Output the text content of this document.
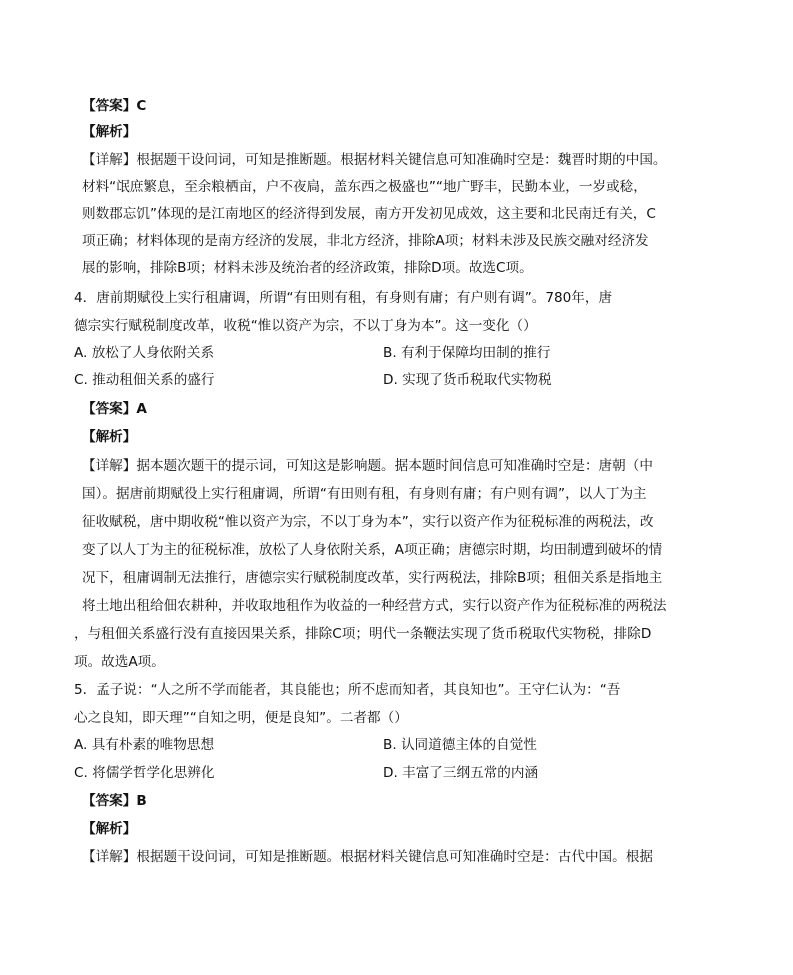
【答案】C
【解析】
【详解】根据题干设问词，可知是推断题。根据材料关键信息可知准确时空是：魏晋时期的中国。
材料“氓庶繁息，至余粮栖亩，户不夜扃，盖东西之极盛也”“地广野丰，民勤本业，一岁或稔，
则数郡忘饥”体现的是江南地区的经济得到发展，南方开发初见成效，这主要和北民南迁有关，C
项正确；材料体现的是南方经济的发展，非北方经济，排除A项；材料未涉及民族交融对经济发
展的影响，排除B项；材料未涉及统治者的经济政策，排除D项。故选C项。
4．唐前期赋役上实行租庸调，所谓“有田则有租，有身则有庸；有户则有调”。780年，唐
德宗实行赋税制度改革，收税“惟以资产为宗，不以丁身为本”。这一变化（）
A. 放松了人身依附关系	B. 有利于保障均田制的推行
C. 推动租佃关系的盛行	D. 实现了货币税取代实物税
【答案】A
【解析】
【详解】据本题次题干的提示词，可知这是影响题。据本题时间信息可知准确时空是：唐朝（中
国）。据唐前期赋役上实行租庸调，所谓“有田则有租，有身则有庸；有户则有调”，以人丁为主
征收赋税，唐中期收税“惟以资产为宗，不以丁身为本”，实行以资产作为征税标准的两税法，改
变了以人丁为主的征税标准，放松了人身依附关系，A项正确；唐德宗时期，均田制遭到破坏的情
况下，租庸调制无法推行，唐德宗实行赋税制度改革，实行两税法，排除B项；租佃关系是指地主
将土地出租给佃农耕种，并收取地租作为收益的一种经营方式，实行以资产作为征税标准的两税法
，与租佃关系盛行没有直接因果关系，排除C项；明代一条鞭法实现了货币税取代实物税，排除D
项。故选A项。
5．孟子说：“人之所不学而能者，其良能也；所不虑而知者，其良知也”。王守仁认为：“吾
心之良知，即天理”“自知之明，便是良知”。二者都（）
A. 具有朴素的唯物思想	B. 认同道德主体的自觉性
C. 将儒学哲学化思辨化	D. 丰富了三纲五常的内涵
【答案】B
【解析】
【详解】根据题干设问词，可知是推断题。根据材料关键信息可知准确时空是：古代中国。根据
